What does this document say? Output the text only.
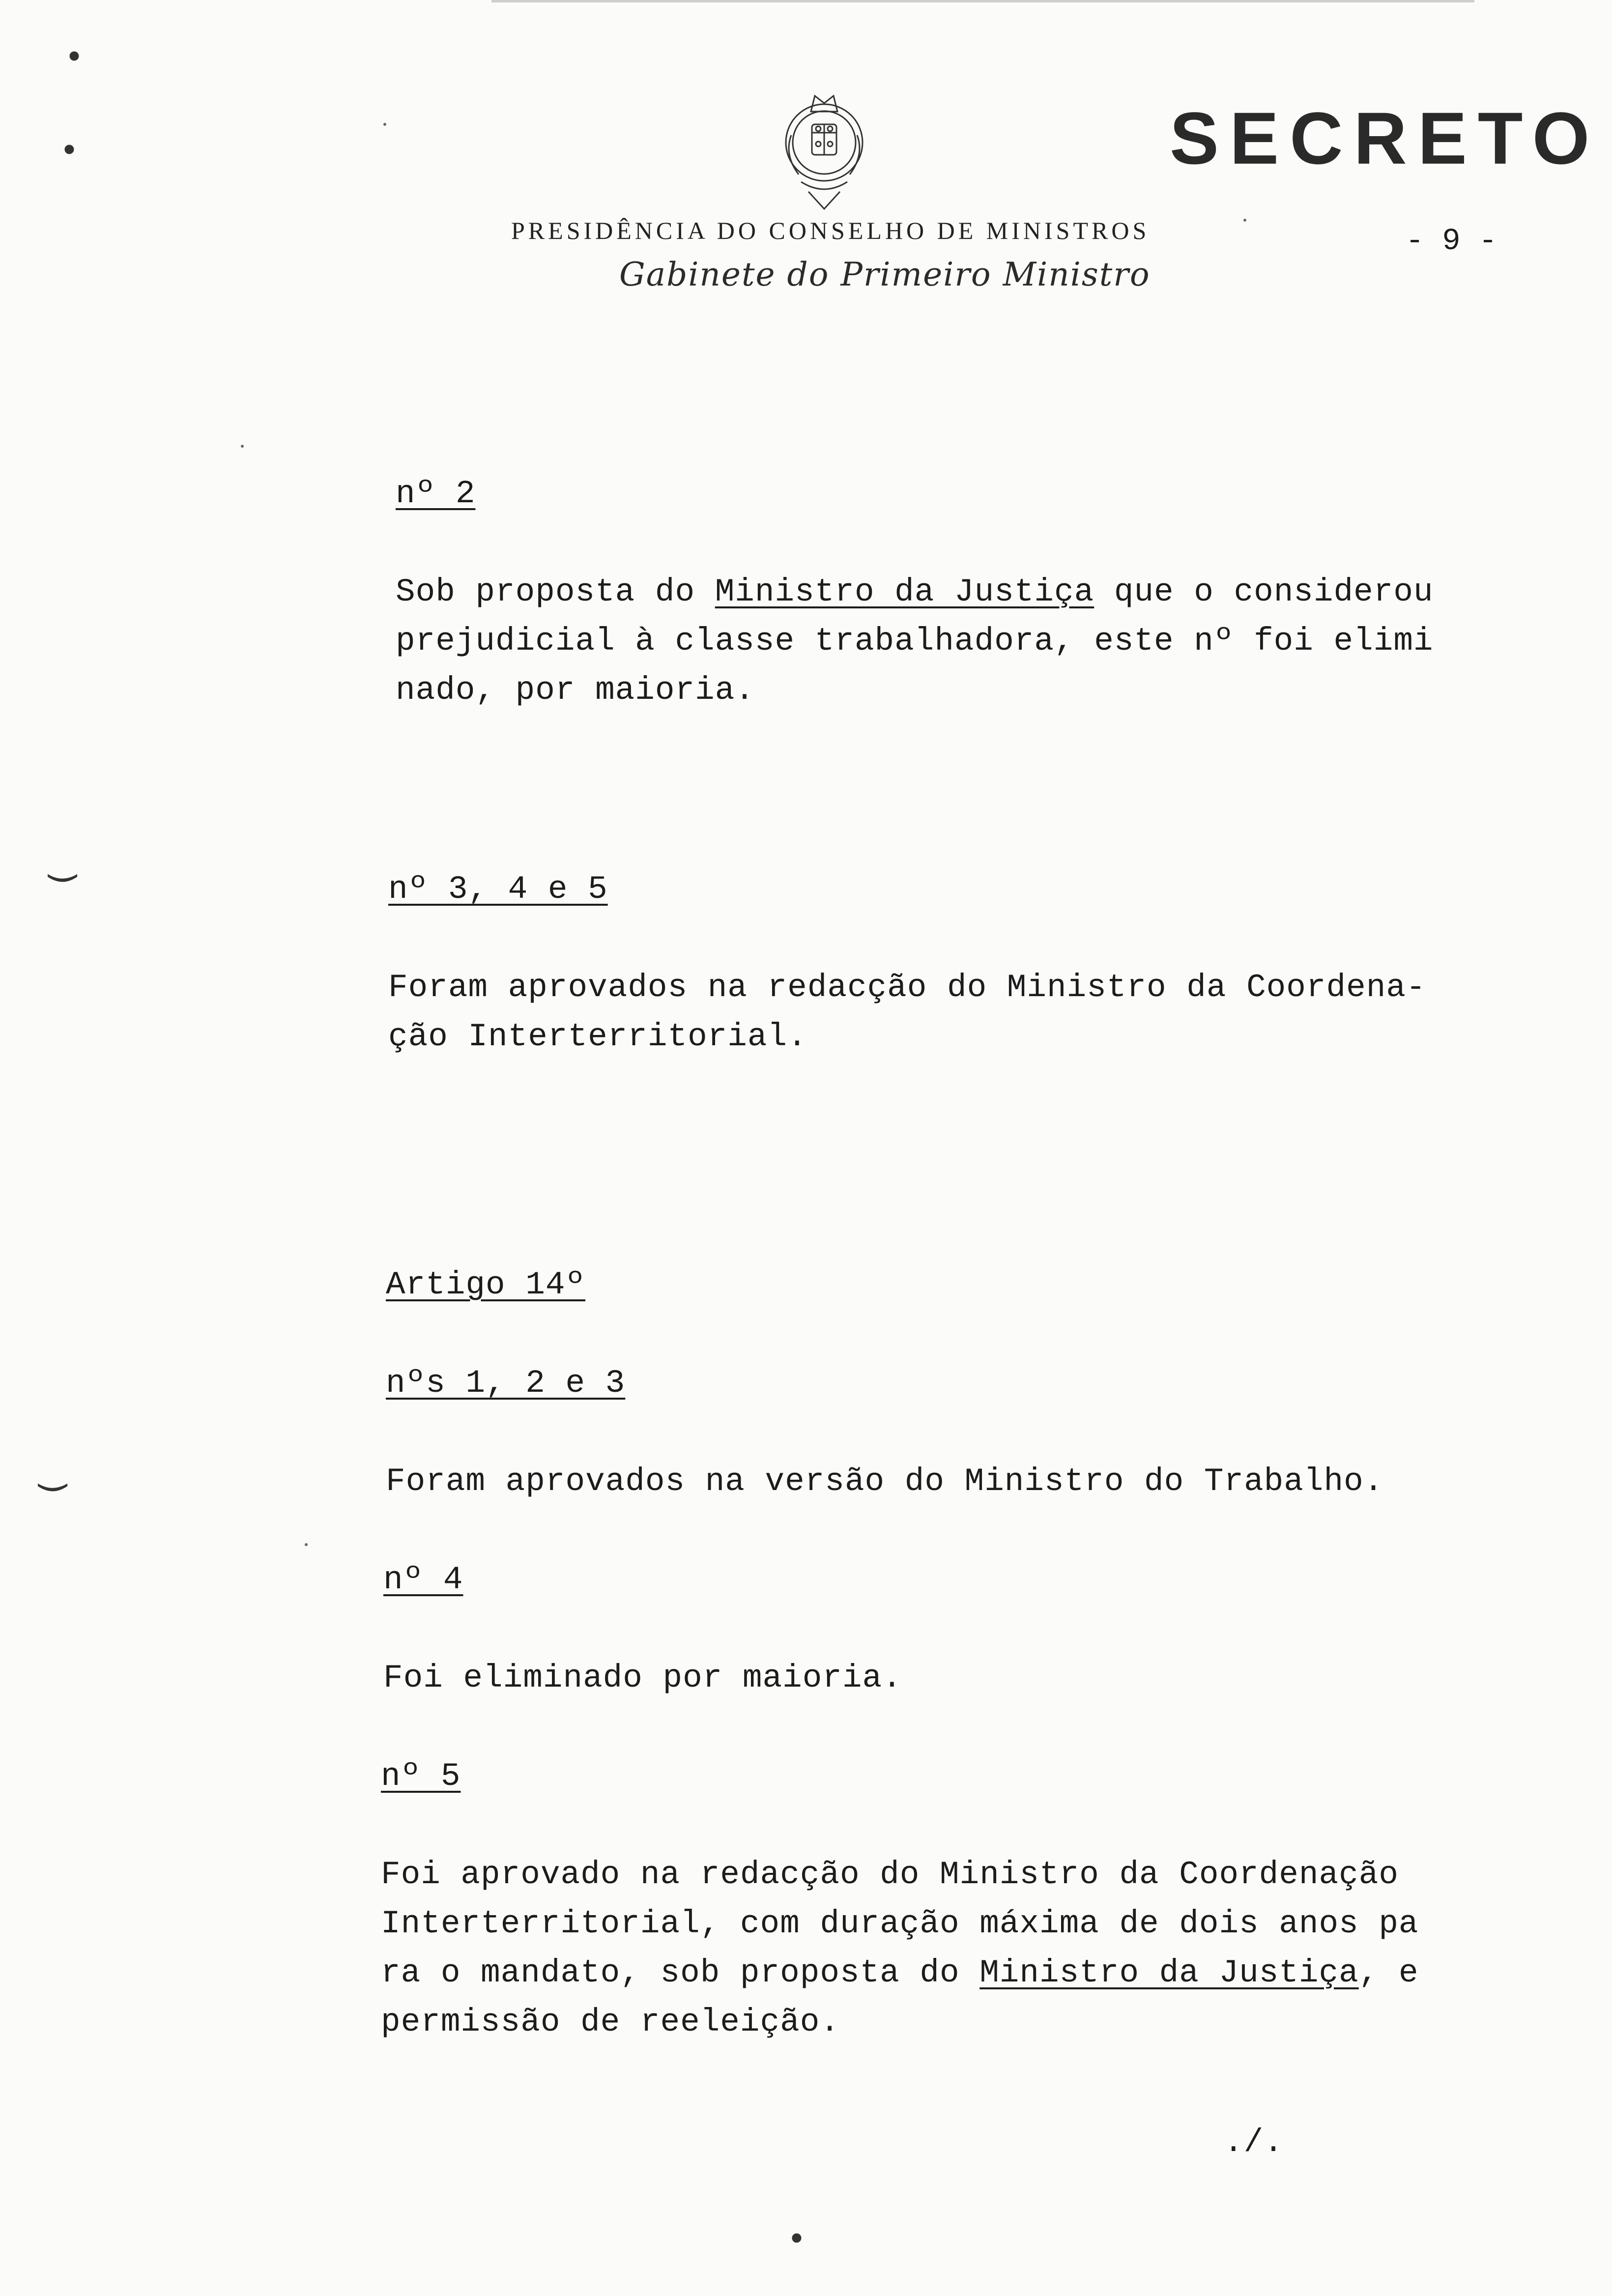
•
•
‿
‿
•
SECRETO
PRESIDÊNCIA DO CONSELHO DE MINISTROS
Gabinete do Primeiro Ministro
- 9 -
nº 2
Sob proposta do Ministro da Justiça que o considerou
prejudicial à classe trabalhadora, este nº foi elimi
nado, por maioria.
nº 3, 4 e 5
Foram aprovados na redacção do Ministro da Coordena-
ção Interterritorial.
Artigo 14º
nºs 1, 2 e 3
Foram aprovados na versão do Ministro do Trabalho.
nº 4
Foi eliminado por maioria.
nº 5
Foi aprovado na redacção do Ministro da Coordenação
Interterritorial, com duração máxima de dois anos pa
ra o mandato, sob proposta do Ministro da Justiça, e
permissão de reeleição.
./.
